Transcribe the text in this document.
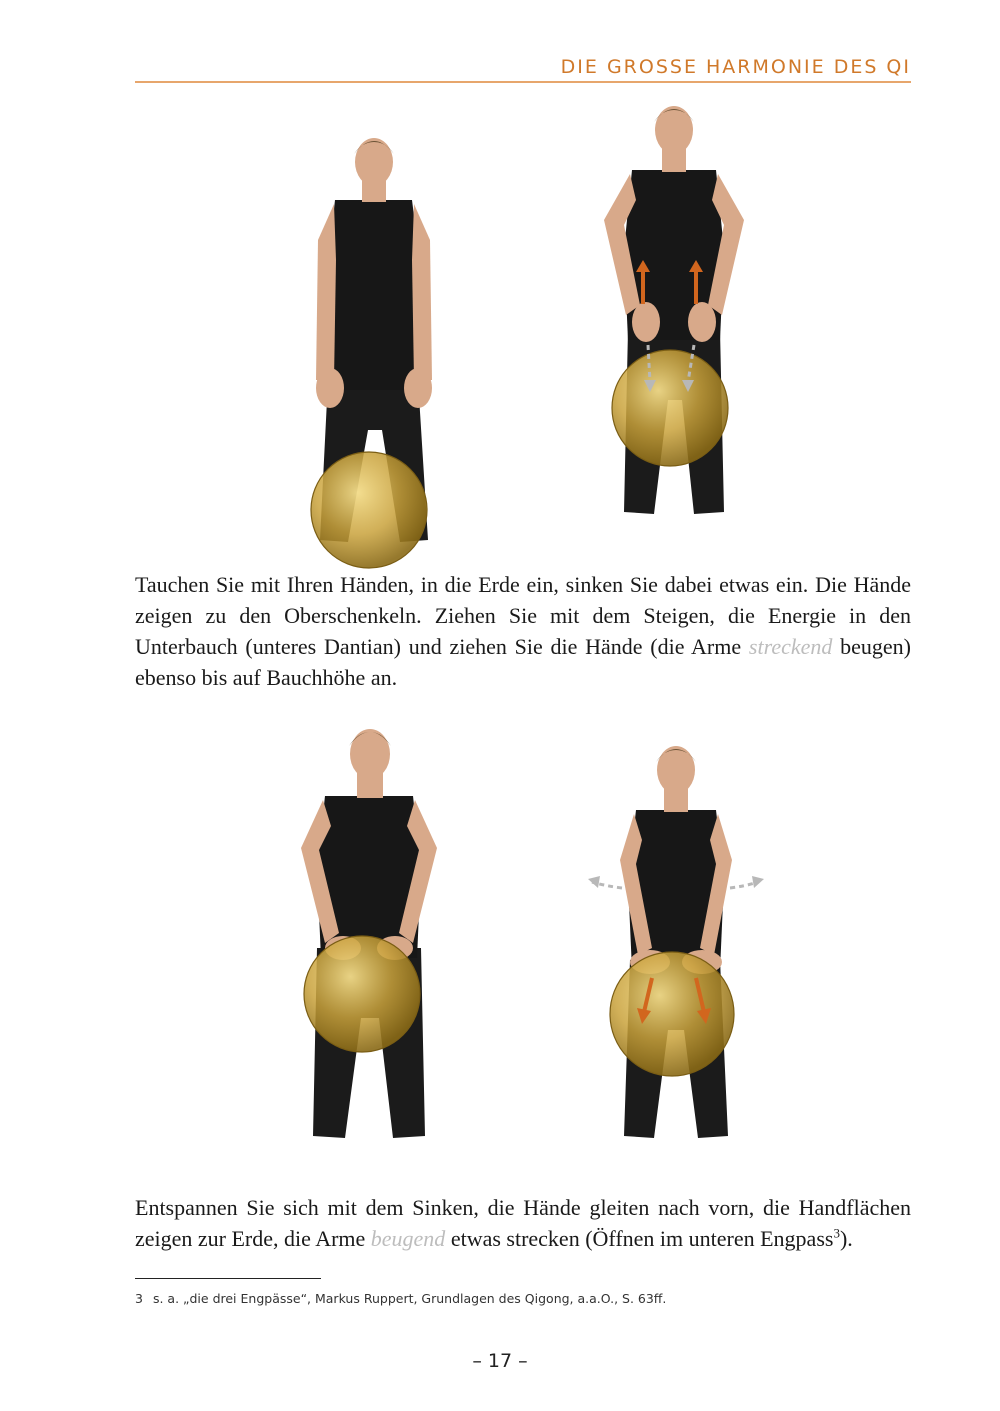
DIE GROSSE HARMONIE DES QI

Tauchen Sie mit Ihren Händen, in die Erde ein, sinken Sie dabei etwas ein. Die Hände zeigen zu den Oberschenkeln. Ziehen Sie mit dem Steigen, die Energie in den Unterbauch (unteres Dantian) und ziehen Sie die Hände (die Arme streckend beugen) ebenso bis auf Bauchhöhe an.

Entspannen Sie sich mit dem Sinken, die Hände gleiten nach vorn, die Handflächen zeigen zur Erde, die Arme beugend etwas strecken (Öffnen im unteren Engpass$^3$).

3 s. a. „die drei Engpässe“, Markus Ruppert, Grundlagen des Qigong, a.a.O., S. 63ff.

– 17 –
